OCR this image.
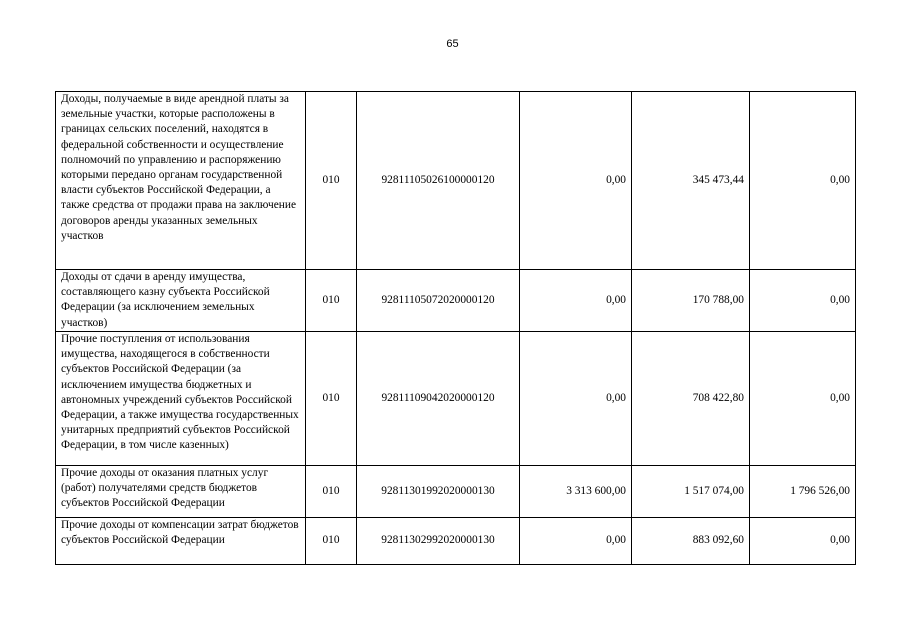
65
Доходы, получаемые в виде арендной платы за земельные участки, которые расположены в границах сельских поселений, находятся в федеральной собственности и осуществление полномочий по управлению и распоряжению которыми передано органам государственной власти субъектов Российской Федерации, а также средства от продажи права на заключение договоров аренды указанных земельных участков	010	92811105026100000120	0,00	345 473,44	0,00
Доходы от сдачи в аренду имущества, составляющего казну субъекта Российской Федерации (за исключением земельных участков)	010	92811105072020000120	0,00	170 788,00	0,00
Прочие поступления от использования имущества, находящегося в собственности субъектов Российской Федерации (за исключением имущества бюджетных и автономных учреждений субъектов Российской Федерации, а также имущества государственных унитарных предприятий субъектов Российской Федерации, в том числе казенных)	010	92811109042020000120	0,00	708 422,80	0,00
Прочие доходы от оказания платных услуг (работ) получателями средств бюджетов субъектов Российской Федерации	010	92811301992020000130	3 313 600,00	1 517 074,00	1 796 526,00
Прочие доходы от компенсации затрат бюджетов субъектов Российской Федерации	010	92811302992020000130	0,00	883 092,60	0,00
